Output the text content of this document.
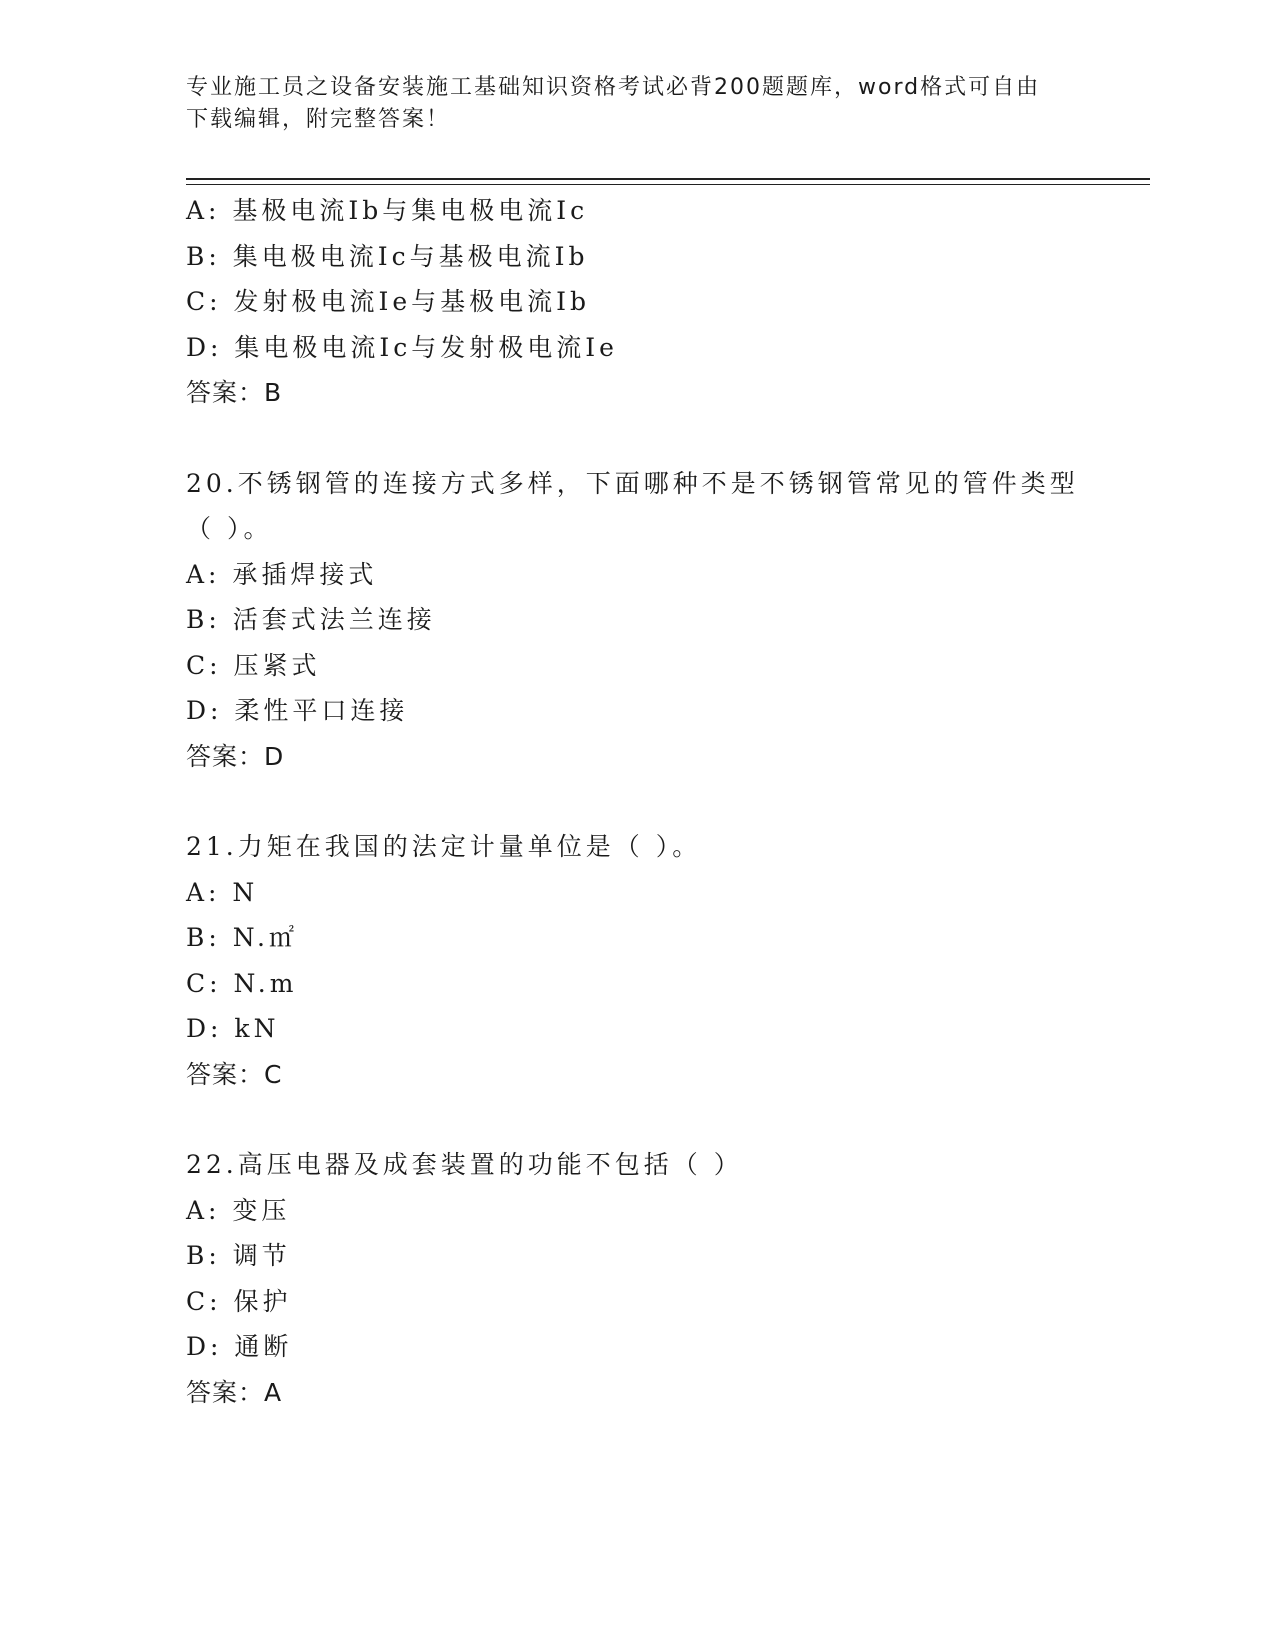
专业施工员之设备安装施工基础知识资格考试必背200题题库，word格式可自由
下载编辑，附完整答案！
A: 基极电流Ib与集电极电流Ic
B: 集电极电流Ic与基极电流Ib
C: 发射极电流Ie与基极电流Ib
D: 集电极电流Ic与发射极电流Ie
答案：B
20.不锈钢管的连接方式多样，下面哪种不是不锈钢管常见的管件类型
（ ）。
A: 承插焊接式
B: 活套式法兰连接
C: 压紧式
D: 柔性平口连接
答案：D
21.力矩在我国的法定计量单位是（ ）。
A: N
B: N.㎡
C: N.m
D: kN
答案：C
22.高压电器及成套装置的功能不包括（ ）
A: 变压
B: 调节
C: 保护
D: 通断
答案：A
